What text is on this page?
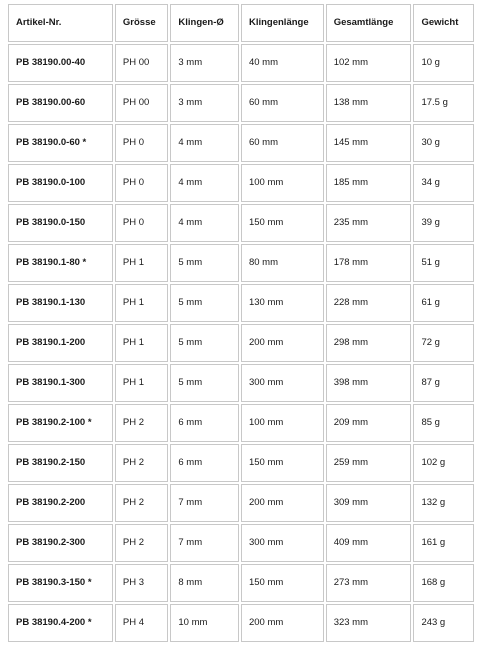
Artikel-Nr.	Grösse	Klingen-Ø	Klingenlänge	Gesamtlänge	Gewicht
PB 38190.00-40	PH 00	3 mm	40 mm	102 mm	10 g
PB 38190.00-60	PH 00	3 mm	60 mm	138 mm	17.5 g
PB 38190.0-60 *	PH 0	4 mm	60 mm	145 mm	30 g
PB 38190.0-100	PH 0	4 mm	100 mm	185 mm	34 g
PB 38190.0-150	PH 0	4 mm	150 mm	235 mm	39 g
PB 38190.1-80 *	PH 1	5 mm	80 mm	178 mm	51 g
PB 38190.1-130	PH 1	5 mm	130 mm	228 mm	61 g
PB 38190.1-200	PH 1	5 mm	200 mm	298 mm	72 g
PB 38190.1-300	PH 1	5 mm	300 mm	398 mm	87 g
PB 38190.2-100 *	PH 2	6 mm	100 mm	209 mm	85 g
PB 38190.2-150	PH 2	6 mm	150 mm	259 mm	102 g
PB 38190.2-200	PH 2	7 mm	200 mm	309 mm	132 g
PB 38190.2-300	PH 2	7 mm	300 mm	409 mm	161 g
PB 38190.3-150 *	PH 3	8 mm	150 mm	273 mm	168 g
PB 38190.4-200 *	PH 4	10 mm	200 mm	323 mm	243 g
